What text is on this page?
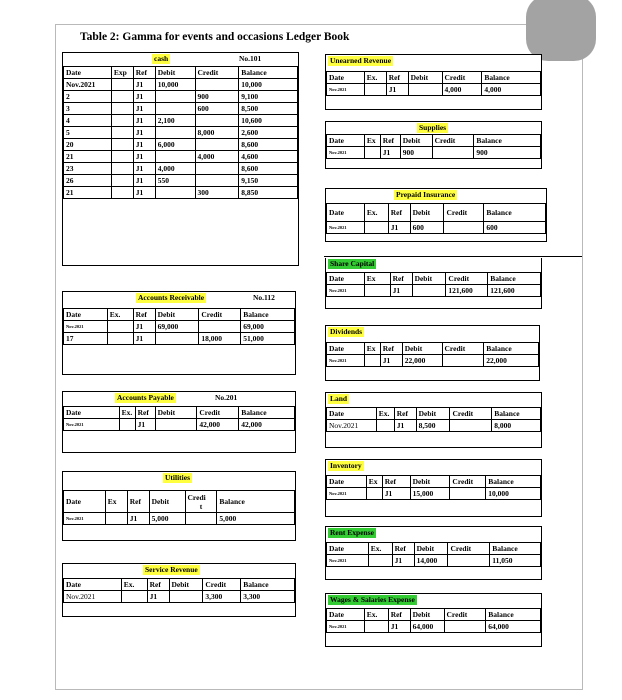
Table 2: Gamma for events and occasions Ledger Book
cash	No.101
Date	Exp	Ref	Debit	Credit	Balance
Nov.2021		J1	10,000		10,000
2		J1		900	9,100
3		J1		600	8,500
4		J1	2,100		10,600
5		J1		8,000	2,600
20		J1	6,000		8,600
21		J1		4,000	4,600
23		J1	4,000		8,600
26		J1	550		9,150
21		J1		300	8,850
Accounts Receivable	No.112
Date	Ex.	Ref	Debit	Credit	Balance
Nov.2021		J1	69,000		69,000
17		J1		18,000	51,000
Accounts Payable	No.201
Date	Ex.	Ref	Debit	Credit	Balance
Nov.2021		J1		42,000	42,000
Utilities
Date	Ex	Ref	Debit	Credi
t	Balance
Nov.2021		J1	5,000		5,000
Service Revenue
Date	Ex.	Ref	Debit	Credit	Balance
Nov.2021		J1		3,300	3,300
Unearned Revenue
Date	Ex.	Ref	Debit	Credit	Balance
Nov.2021		J1		4,000	4,000
Supplies
Date	Ex	Ref	Debit	Credit	Balance
Nov.2021		J1	900		900
Prepaid Insurance
Date	Ex.	Ref	Debit	Credit	Balance
Nov.2021		J1	600		600
Share Capital
Date	Ex	Ref	Debit	Credit	Balance
Nov.2021		J1		121,600	121,600
Dividends
Date	Ex	Ref	Debit	Credit	Balance
Nov.2021		J1	22,000		22,000
Land
Date	Ex.	Ref	Debit	Credit	Balance
Nov.2021		J1	8,500		8,000
Inventory
Date	Ex	Ref	Debit	Credit	Balance
Nov.2021		J1	15,000		10,000
Rent Expense
Date	Ex.	Ref	Debit	Credit	Balance
Nov.2021		J1	14,000		11,050
Wages & Salaries Expense
Date	Ex.	Ref	Debit	Credit	Balance
Nov.2021		J1	64,000		64,000
